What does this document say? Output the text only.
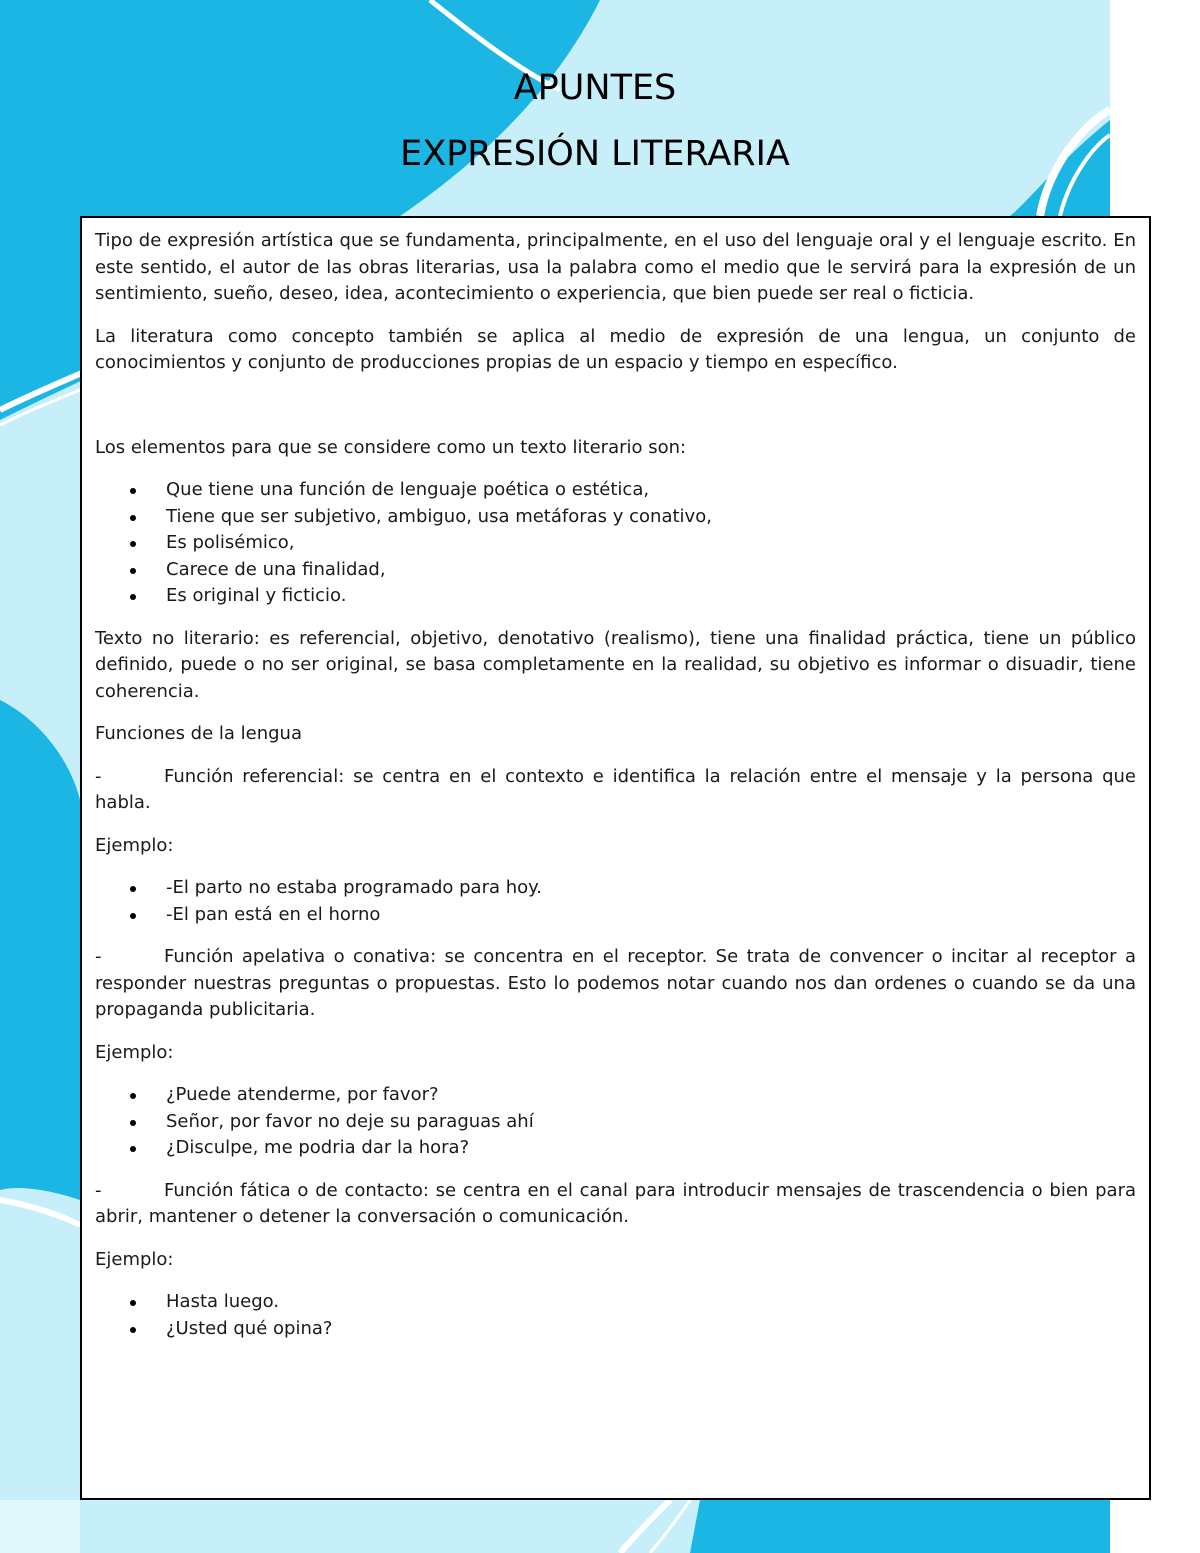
APUNTES
EXPRESIÓN LITERARIA

Tipo de expresión artística que se fundamenta, principalmente, en el uso del lenguaje oral y el lenguaje escrito. En este sentido, el autor de las obras literarias, usa la palabra como el medio que le servirá para la expresión de un sentimiento, sueño, deseo, idea, acontecimiento o experiencia, que bien puede ser real o ficticia.

La literatura como concepto también se aplica al medio de expresión de una lengua, un conjunto de conocimientos y conjunto de producciones propias de un espacio y tiempo en específico.

Los elementos para que se considere como un texto literario son:

Que tiene una función de lenguaje poética o estética,
Tiene que ser subjetivo, ambiguo, usa metáforas y conativo,
Es polisémico,
Carece de una finalidad,
Es original y ficticio.

Texto no literario: es referencial, objetivo, denotativo (realismo), tiene una finalidad práctica, tiene un público definido, puede o no ser original, se basa completamente en la realidad, su objetivo es informar o disuadir, tiene coherencia.

Funciones de la lengua

-	Función referencial: se centra en el contexto e identifica la relación entre el mensaje y la persona que habla.

Ejemplo:

-El parto no estaba programado para hoy.
-El pan está en el horno

-	Función apelativa o conativa: se concentra en el receptor. Se trata de convencer o incitar al receptor a responder nuestras preguntas o propuestas. Esto lo podemos notar cuando nos dan ordenes o cuando se da una propaganda publicitaria.

Ejemplo:

¿Puede atenderme, por favor?
Señor, por favor no deje su paraguas ahí
¿Disculpe, me podria dar la hora?

-	Función fática o de contacto: se centra en el canal para introducir mensajes de trascendencia o bien para abrir, mantener o detener la conversación o comunicación.

Ejemplo:

Hasta luego.
¿Usted qué opina?
